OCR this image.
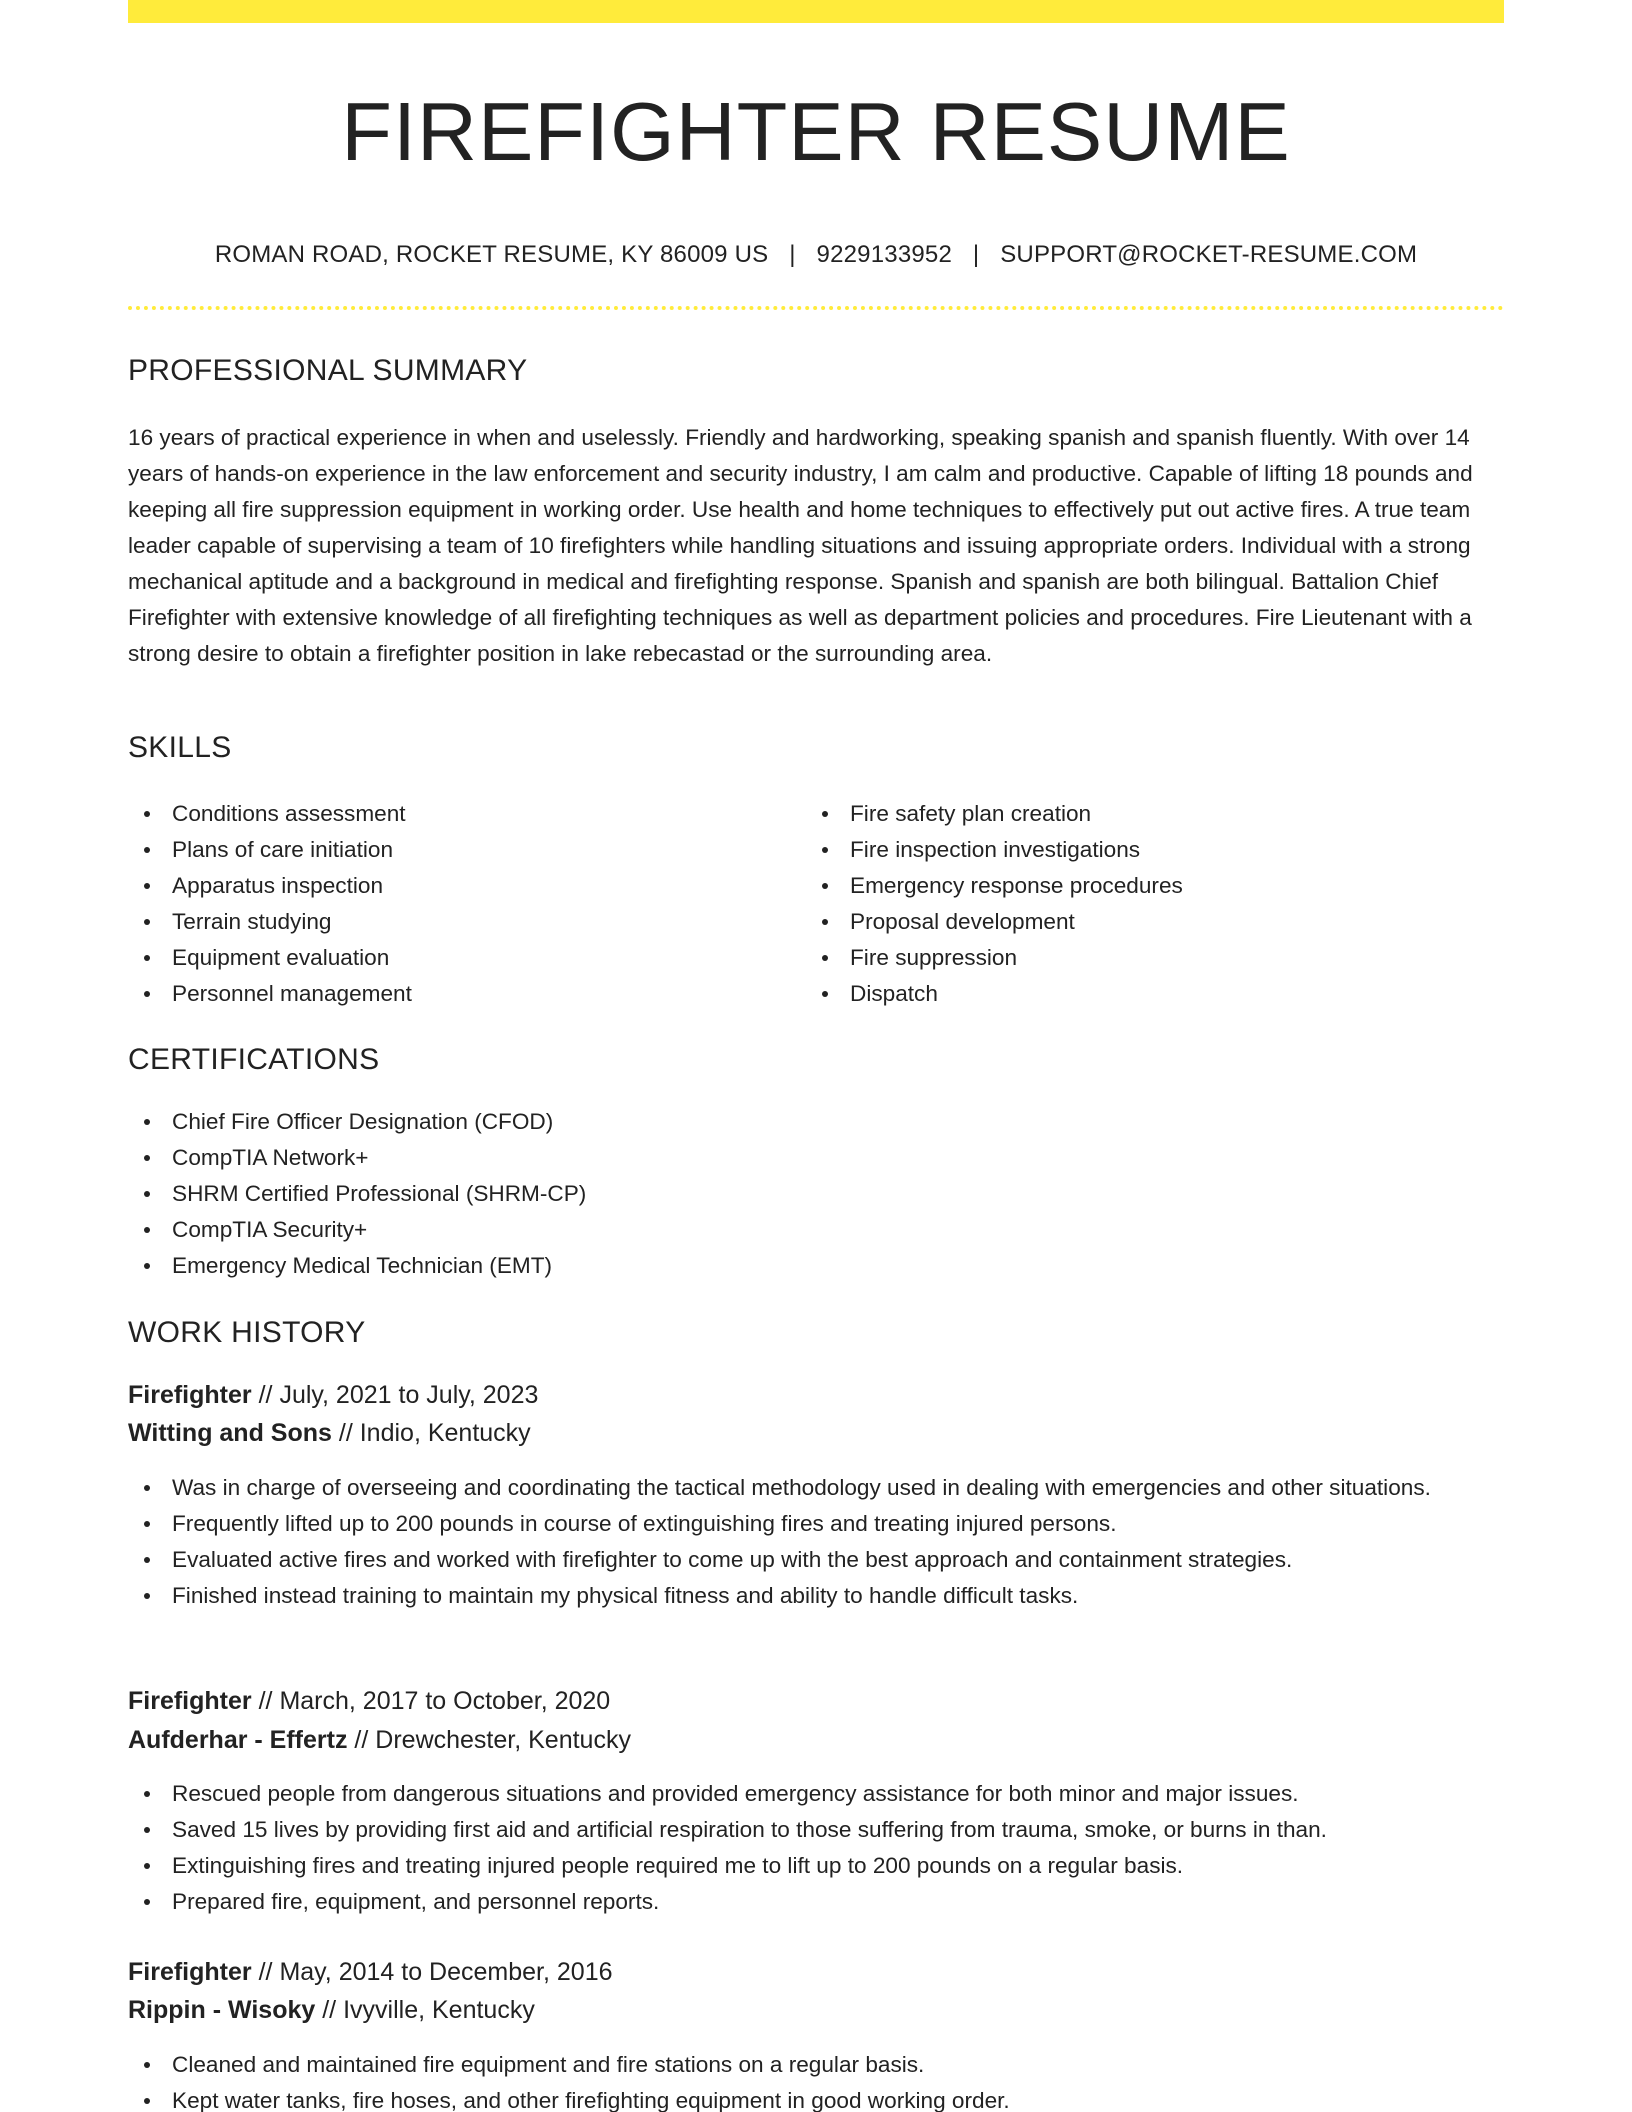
FIREFIGHTER RESUME
ROMAN ROAD, ROCKET RESUME, KY 86009 US | 9229133952 | SUPPORT@ROCKET-RESUME.COM
PROFESSIONAL SUMMARY

16 years of practical experience in when and uselessly. Friendly and hardworking, speaking spanish and spanish fluently. With over 14 years of hands-on experience in the law enforcement and security industry, I am calm and productive. Capable of lifting 18 pounds and keeping all fire suppression equipment in working order. Use health and home techniques to effectively put out active fires. A true team leader capable of supervising a team of 10 firefighters while handling situations and issuing appropriate orders. Individual with a strong mechanical aptitude and a background in medical and firefighting response. Spanish and spanish are both bilingual. Battalion Chief Firefighter with extensive knowledge of all firefighting techniques as well as department policies and procedures. Fire Lieutenant with a strong desire to obtain a firefighter position in lake rebecastad or the surrounding area.

SKILLS
Conditions assessment
Plans of care initiation
Apparatus inspection
Terrain studying
Equipment evaluation
Personnel management
Fire safety plan creation
Fire inspection investigations
Emergency response procedures
Proposal development
Fire suppression
Dispatch
CERTIFICATIONS
Chief Fire Officer Designation (CFOD)
CompTIA Network+
SHRM Certified Professional (SHRM-CP)
CompTIA Security+
Emergency Medical Technician (EMT)
WORK HISTORY
Firefighter // July, 2021 to July, 2023
Witting and Sons // Indio, Kentucky
Was in charge of overseeing and coordinating the tactical methodology used in dealing with emergencies and other situations.
Frequently lifted up to 200 pounds in course of extinguishing fires and treating injured persons.
Evaluated active fires and worked with firefighter to come up with the best approach and containment strategies.
Finished instead training to maintain my physical fitness and ability to handle difficult tasks.
Firefighter // March, 2017 to October, 2020
Aufderhar - Effertz // Drewchester, Kentucky
Rescued people from dangerous situations and provided emergency assistance for both minor and major issues.
Saved 15 lives by providing first aid and artificial respiration to those suffering from trauma, smoke, or burns in than.
Extinguishing fires and treating injured people required me to lift up to 200 pounds on a regular basis.
Prepared fire, equipment, and personnel reports.
Firefighter // May, 2014 to December, 2016
Rippin - Wisoky // Ivyville, Kentucky
Cleaned and maintained fire equipment and fire stations on a regular basis.
Kept water tanks, fire hoses, and other firefighting equipment in good working order.
